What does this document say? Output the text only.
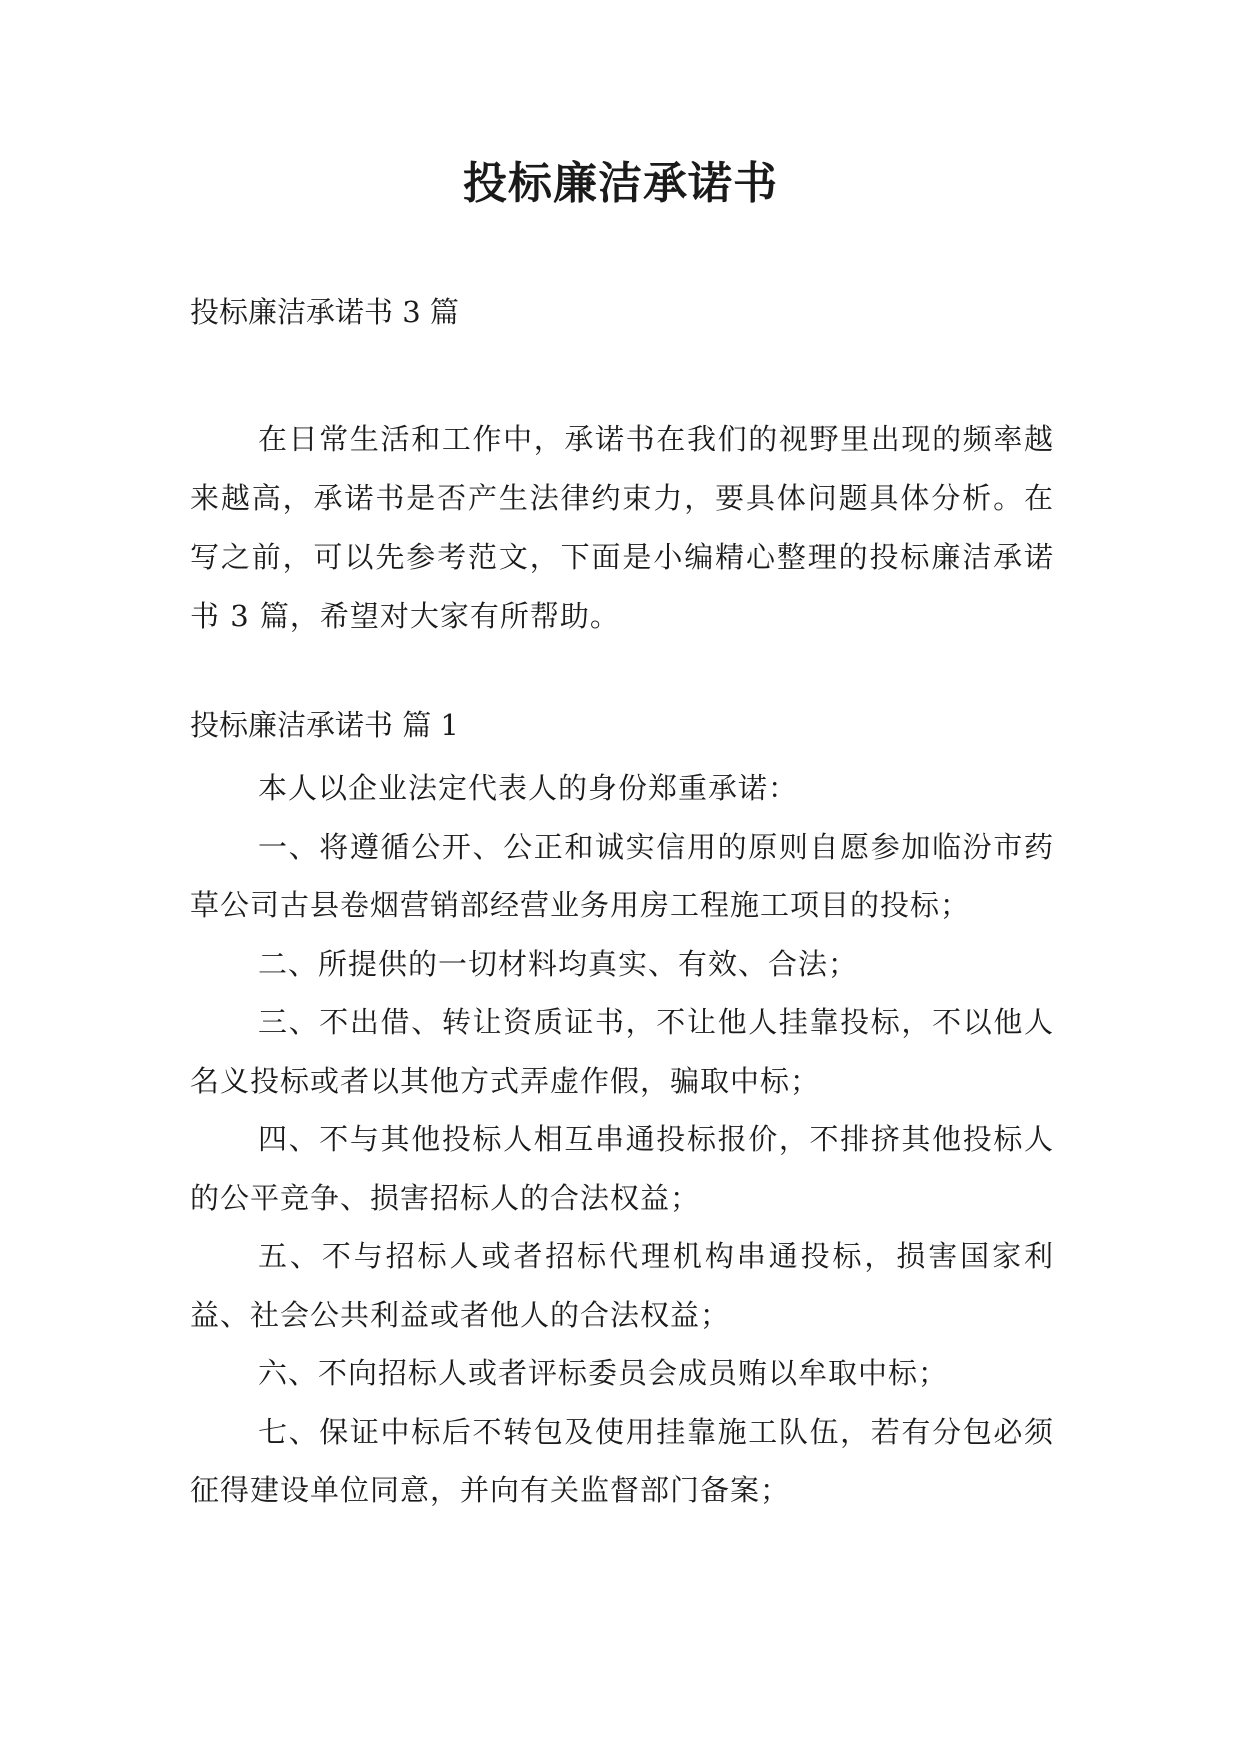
投标廉洁承诺书
投标廉洁承诺书 3 篇

在日常生活和工作中，承诺书在我们的视野里出现的频率越来越高，承诺书是否产生法律约束力，要具体问题具体分析。在写之前，可以先参考范文，下面是小编精心整理的投标廉洁承诺书 3 篇，希望对大家有所帮助。

投标廉洁承诺书 篇 1

本人以企业法定代表人的身份郑重承诺：

一、将遵循公开、公正和诚实信用的原则自愿参加临汾市药草公司古县卷烟营销部经营业务用房工程施工项目的投标；

二、所提供的一切材料均真实、有效、合法；

三、不出借、转让资质证书，不让他人挂靠投标，不以他人名义投标或者以其他方式弄虚作假，骗取中标；

四、不与其他投标人相互串通投标报价，不排挤其他投标人的公平竞争、损害招标人的合法权益；

五、不与招标人或者招标代理机构串通投标，损害国家利益、社会公共利益或者他人的合法权益；

六、不向招标人或者评标委员会成员贿以牟取中标；

七、保证中标后不转包及使用挂靠施工队伍，若有分包必须征得建设单位同意，并向有关监督部门备案；
